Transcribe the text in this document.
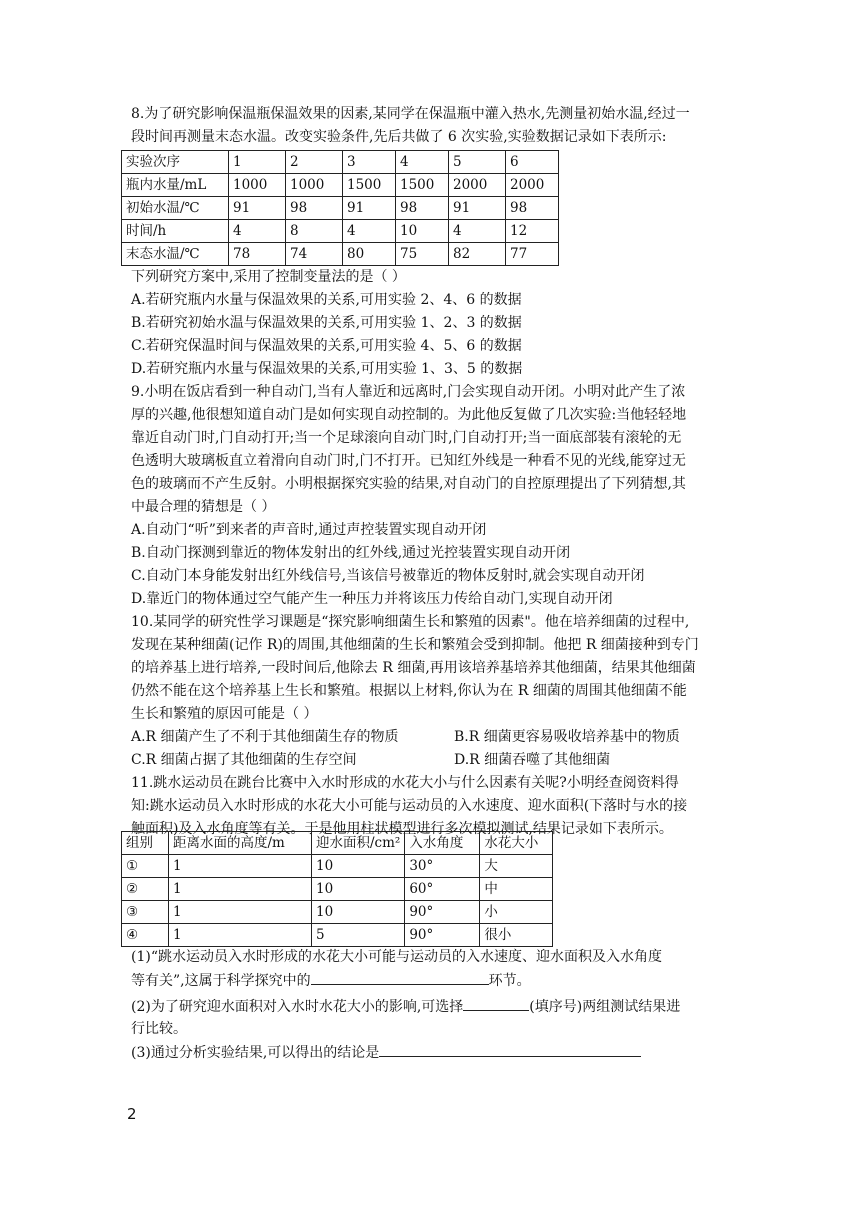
8.为了研究影响保温瓶保温效果的因素,某同学在保温瓶中灌入热水,先测量初始水温,经过一
段时间再测量末态水温。改变实验条件,先后共做了 6 次实验,实验数据记录如下表所示:
实验次序	1	2	3	4	5	6
瓶内水量/mL	1000	1000	1500	1500	2000	2000
初始水温/℃	91	98	91	98	91	98
时间/h	4	8	4	10	4	12
末态水温/℃	78	74	80	75	82	77
下列研究方案中,采用了控制变量法的是（ ）
A.若研究瓶内水量与保温效果的关系,可用实验 2、4、6 的数据
B.若研究初始水温与保温效果的关系,可用实验 1、2、3 的数据
C.若研究保温时间与保温效果的关系,可用实验 4、5、6 的数据
D.若研究瓶内水量与保温效果的关系,可用实验 1、3、5 的数据
9.小明在饭店看到一种自动门,当有人靠近和远离时,门会实现自动开闭。小明对此产生了浓
厚的兴趣,他很想知道自动门是如何实现自动控制的。为此他反复做了几次实验:当他轻轻地
靠近自动门时,门自动打开;当一个足球滚向自动门时,门自动打开;当一面底部装有滚轮的无
色透明大玻璃板直立着滑向自动门时,门不打开。已知红外线是一种看不见的光线,能穿过无
色的玻璃而不产生反射。小明根据探究实验的结果,对自动门的自控原理提出了下列猜想,其
中最合理的猜想是（ ）
A.自动门“听”到来者的声音时,通过声控装置实现自动开闭
B.自动门探测到靠近的物体发射出的红外线,通过光控装置实现自动开闭
C.自动门本身能发射出红外线信号,当该信号被靠近的物体反射时,就会实现自动开闭
D.靠近门的物体通过空气能产生一种压力并将该压力传给自动门,实现自动开闭
10.某同学的研究性学习课题是“探究影响细菌生长和繁殖的因素"。他在培养细菌的过程中,
发现在某种细菌(记作 R)的周围,其他细菌的生长和繁殖会受到抑制。他把 R 细菌接种到专门
的培养基上进行培养,一段时间后,他除去 R 细菌,再用该培养基培养其他细菌，结果其他细菌
仍然不能在这个培养基上生长和繁殖。根据以上材料,你认为在 R 细菌的周围其他细菌不能
生长和繁殖的原因可能是（ ）
A.R 细菌产生了不利于其他细菌生存的物质	B.R 细菌更容易吸收培养基中的物质
C.R 细菌占据了其他细菌的生存空间	D.R 细菌吞噬了其他细菌
11.跳水运动员在跳台比赛中入水时形成的水花大小与什么因素有关呢?小明经查阅资料得
知:跳水运动员入水时形成的水花大小可能与运动员的入水速度、迎水面积(下落时与水的接
触面积)及入水角度等有关。于是他用柱状模型进行多次模拟测试,结果记录如下表所示。
组别	距离水面的高度/m	迎水面积/cm²	入水角度	水花大小
①	1	10	30°	大
②	1	10	60°	中
③	1	10	90°	小
④	1	5	90°	很小
(1)“跳水运动员入水时形成的水花大小可能与运动员的入水速度、迎水面积及入水角度
等有关”,这属于科学探究中的	环节。
(2)为了研究迎水面积对入水时水花大小的影响,可选择	(填序号)两组测试结果进
行比较。
(3)通过分析实验结果,可以得出的结论是
2
